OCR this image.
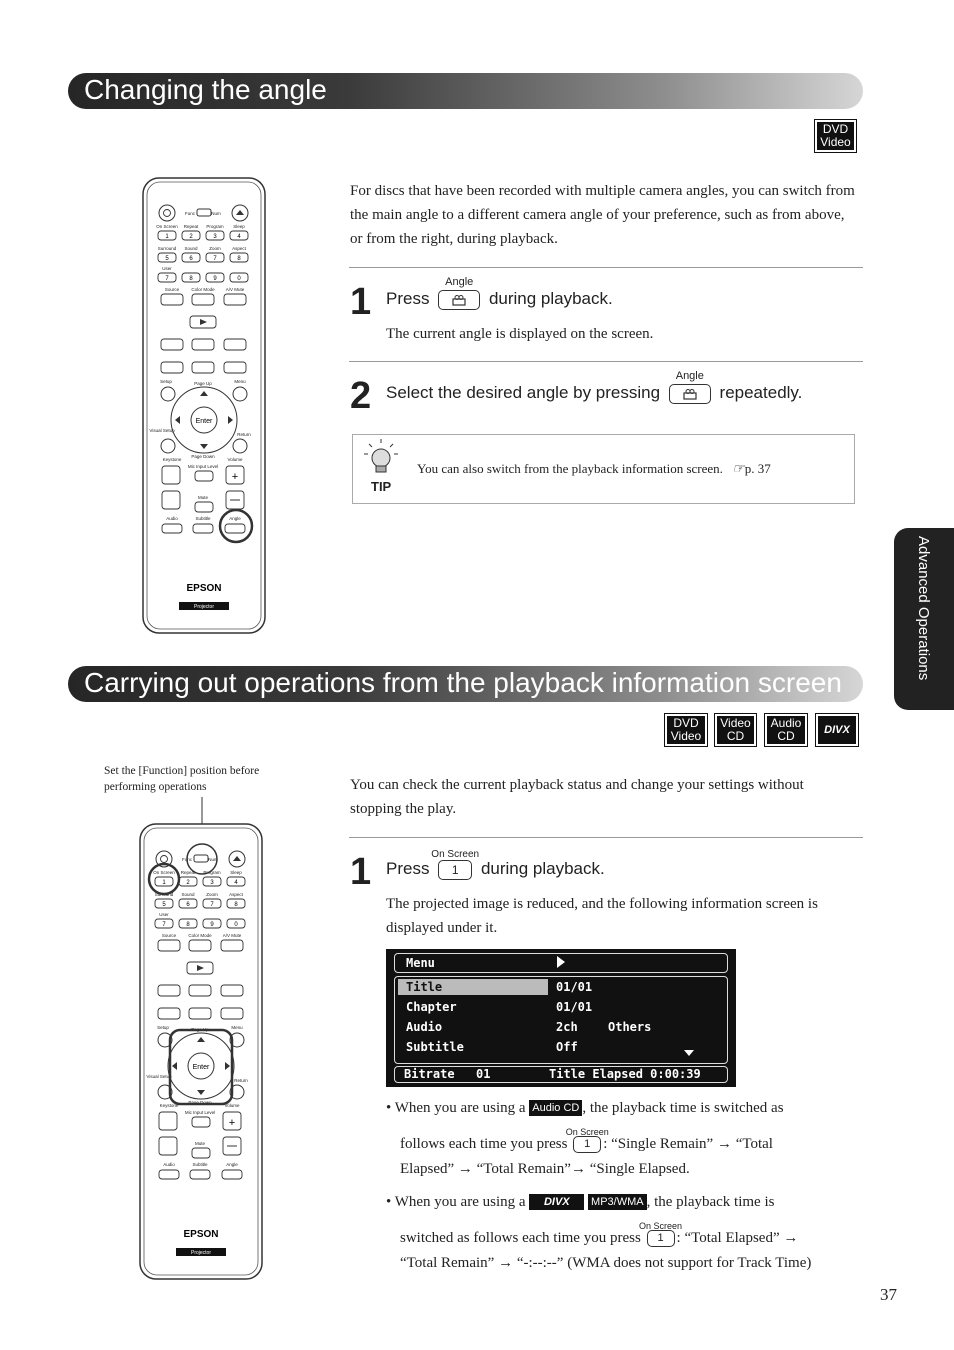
Changing the angle
DVD
Video
Func	Num
On Screen
1
Repeat
2
Program
3
Sleep
4
Surround
5
Sound
6
Zoom
7
Aspect
8
User
7	8	9	0
Source	Color Mode A/V Mute
Setup	Page Up	Menu
Enter
Visual Setup
Return
Keystone
Page Down
Volume
Mic Input Level
+
Mute
Audio	Subtitle	Angle
EPSON
Projector
For discs that have been recorded with multiple camera angles, you can switch from the main angle to a different camera angle of your preference, such as from above, or from the right, during playback.
1 Press
Angle
during playback.
The current angle is displayed on the screen.
2 Select the desired angle by pressing
Angle
repeatedly.
TIP
You can also switch from the playback information screen. ☞p. 37
Advanced Operations
Carrying out operations from the playback information screen
DVD
Video
Video
CD
Audio
CD	DIVX
Set the [Function] position before performing operations
Func	Num
On Screen
1
Repeat
2
Program
3
Sleep
4
Surround
5
Sound
6
Zoom
7
Aspect
8
User
7	8	9	0
Source	Color Mode A/V Mute
Setup	Page Up	Menu
Enter
Visual Setup
Return
Keystone
Page Down
Volume
Mic Input Level
+
Mute
Audio	Subtitle	Angle
EPSON
Projector
You can check the current playback status and change your settings without stopping the play.
1 Press
On Screen
1 during playback.
The projected image is reduced, and the following information screen is displayed under it.
Menu
Title	01/01
Chapter	01/01
Audio	2ch	Others
Subtitle	Off
Bitrate 01	Title Elapsed 0:00:39
• When you are using a Audio CD , the playback time is switched as
follows each time you press
On Screen
1 : “Single Remain” → “Total
Elapsed” → “Total Remain”→ “Single Elapsed.
• When you are using a DIVX MP3/WMA , the playback time is
switched as follows each time you press
On Screen
1 : “Total Elapsed” →
“Total Remain” → “-:--:--” (WMA does not support for Track Time)
37
